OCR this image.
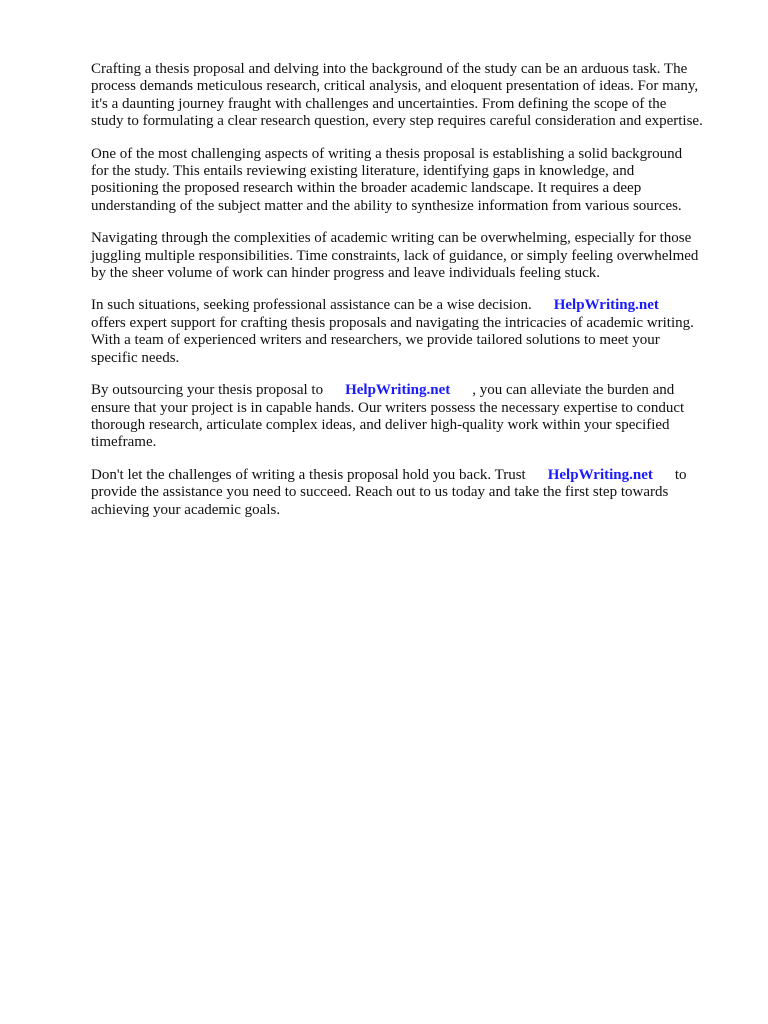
Crafting a thesis proposal and delving into the background of the study can be an arduous task. The
process demands meticulous research, critical analysis, and eloquent presentation of ideas. For many,
it's a daunting journey fraught with challenges and uncertainties. From defining the scope of the
study to formulating a clear research question, every step requires careful consideration and expertise.

One of the most challenging aspects of writing a thesis proposal is establishing a solid background
for the study. This entails reviewing existing literature, identifying gaps in knowledge, and
positioning the proposed research within the broader academic landscape. It requires a deep
understanding of the subject matter and the ability to synthesize information from various sources.

Navigating through the complexities of academic writing can be overwhelming, especially for those
juggling multiple responsibilities. Time constraints, lack of guidance, or simply feeling overwhelmed
by the sheer volume of work can hinder progress and leave individuals feeling stuck.

In such situations, seeking professional assistance can be a wise decision. HelpWriting.net
offers expert support for crafting thesis proposals and navigating the intricacies of academic writing.
With a team of experienced writers and researchers, we provide tailored solutions to meet your
specific needs.

By outsourcing your thesis proposal to HelpWriting.net , you can alleviate the burden and
ensure that your project is in capable hands. Our writers possess the necessary expertise to conduct
thorough research, articulate complex ideas, and deliver high-quality work within your specified
timeframe.

Don't let the challenges of writing a thesis proposal hold you back. Trust HelpWriting.net to
provide the assistance you need to succeed. Reach out to us today and take the first step towards
achieving your academic goals.
